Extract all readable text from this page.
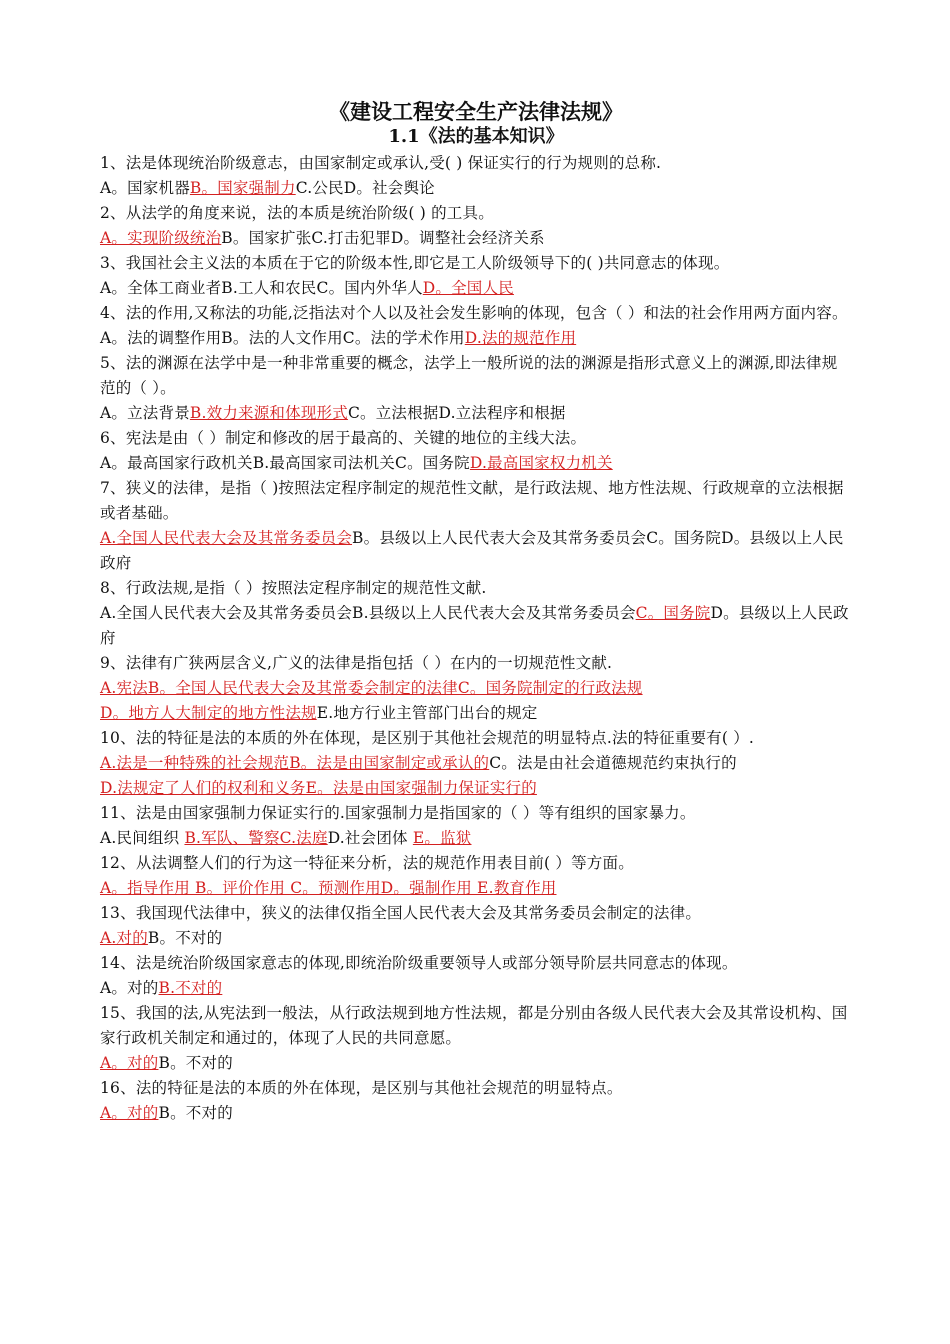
《建设工程安全生产法律法规》

1.1《法的基本知识》

1、法是体现统治阶级意志，由国家制定或承认,受( ) 保证实行的行为规则的总称.

A。国家机器B。国家强制力C.公民D。社会舆论

2、从法学的角度来说，法的本质是统治阶级( ) 的工具。

A。实现阶级统治B。国家扩张C.打击犯罪D。调整社会经济关系

3、我国社会主义法的本质在于它的阶级本性,即它是工人阶级领导下的( )共同意志的体现。

A。全体工商业者B.工人和农民C。国内外华人D。全国人民

4、法的作用,又称法的功能,泛指法对个人以及社会发生影响的体现，包含（ ）和法的社会作用两方面内容。

A。法的调整作用B。法的人文作用C。法的学术作用D.法的规范作用

5、法的渊源在法学中是一种非常重要的概念，法学上一般所说的法的渊源是指形式意义上的渊源,即法律规范的（ ）。

A。立法背景B.效力来源和体现形式C。立法根据D.立法程序和根据

6、宪法是由（ ）制定和修改的居于最高的、关键的地位的主线大法。

A。最高国家行政机关B.最高国家司法机关C。国务院D.最高国家权力机关

7、狭义的法律，是指（ )按照法定程序制定的规范性文献，是行政法规、地方性法规、行政规章的立法根据或者基础。

A.全国人民代表大会及其常务委员会B。县级以上人民代表大会及其常务委员会C。国务院D。县级以上人民政府

8、行政法规,是指（ ）按照法定程序制定的规范性文献.

A.全国人民代表大会及其常务委员会B.县级以上人民代表大会及其常务委员会C。国务院D。县级以上人民政府

9、法律有广狭两层含义,广义的法律是指包括（ ）在内的一切规范性文献.

A.宪法B。全国人民代表大会及其常委会制定的法律C。国务院制定的行政法规

D。地方人大制定的地方性法规E.地方行业主管部门出台的规定

10、法的特征是法的本质的外在体现，是区别于其他社会规范的明显特点.法的特征重要有( ）.

A.法是一种特殊的社会规范B。法是由国家制定或承认的C。法是由社会道德规范约束执行的

D.法规定了人们的权利和义务E。法是由国家强制力保证实行的

11、法是由国家强制力保证实行的.国家强制力是指国家的（ ）等有组织的国家暴力。

A.民间组织 B.军队、警察C.法庭D.社会团体 E。监狱

12、从法调整人们的行为这一特征来分析，法的规范作用表目前( ）等方面。

A。指导作用 B。评价作用 C。预测作用D。强制作用 E.教育作用

13、我国现代法律中，狭义的法律仅指全国人民代表大会及其常务委员会制定的法律。

A.对的B。不对的

14、法是统治阶级国家意志的体现,即统治阶级重要领导人或部分领导阶层共同意志的体现。

A。对的B.不对的

15、我国的法,从宪法到一般法，从行政法规到地方性法规，都是分别由各级人民代表大会及其常设机构、国家行政机关制定和通过的，体现了人民的共同意愿。

A。对的B。不对的

16、法的特征是法的本质的外在体现，是区别与其他社会规范的明显特点。

A。对的B。不对的
